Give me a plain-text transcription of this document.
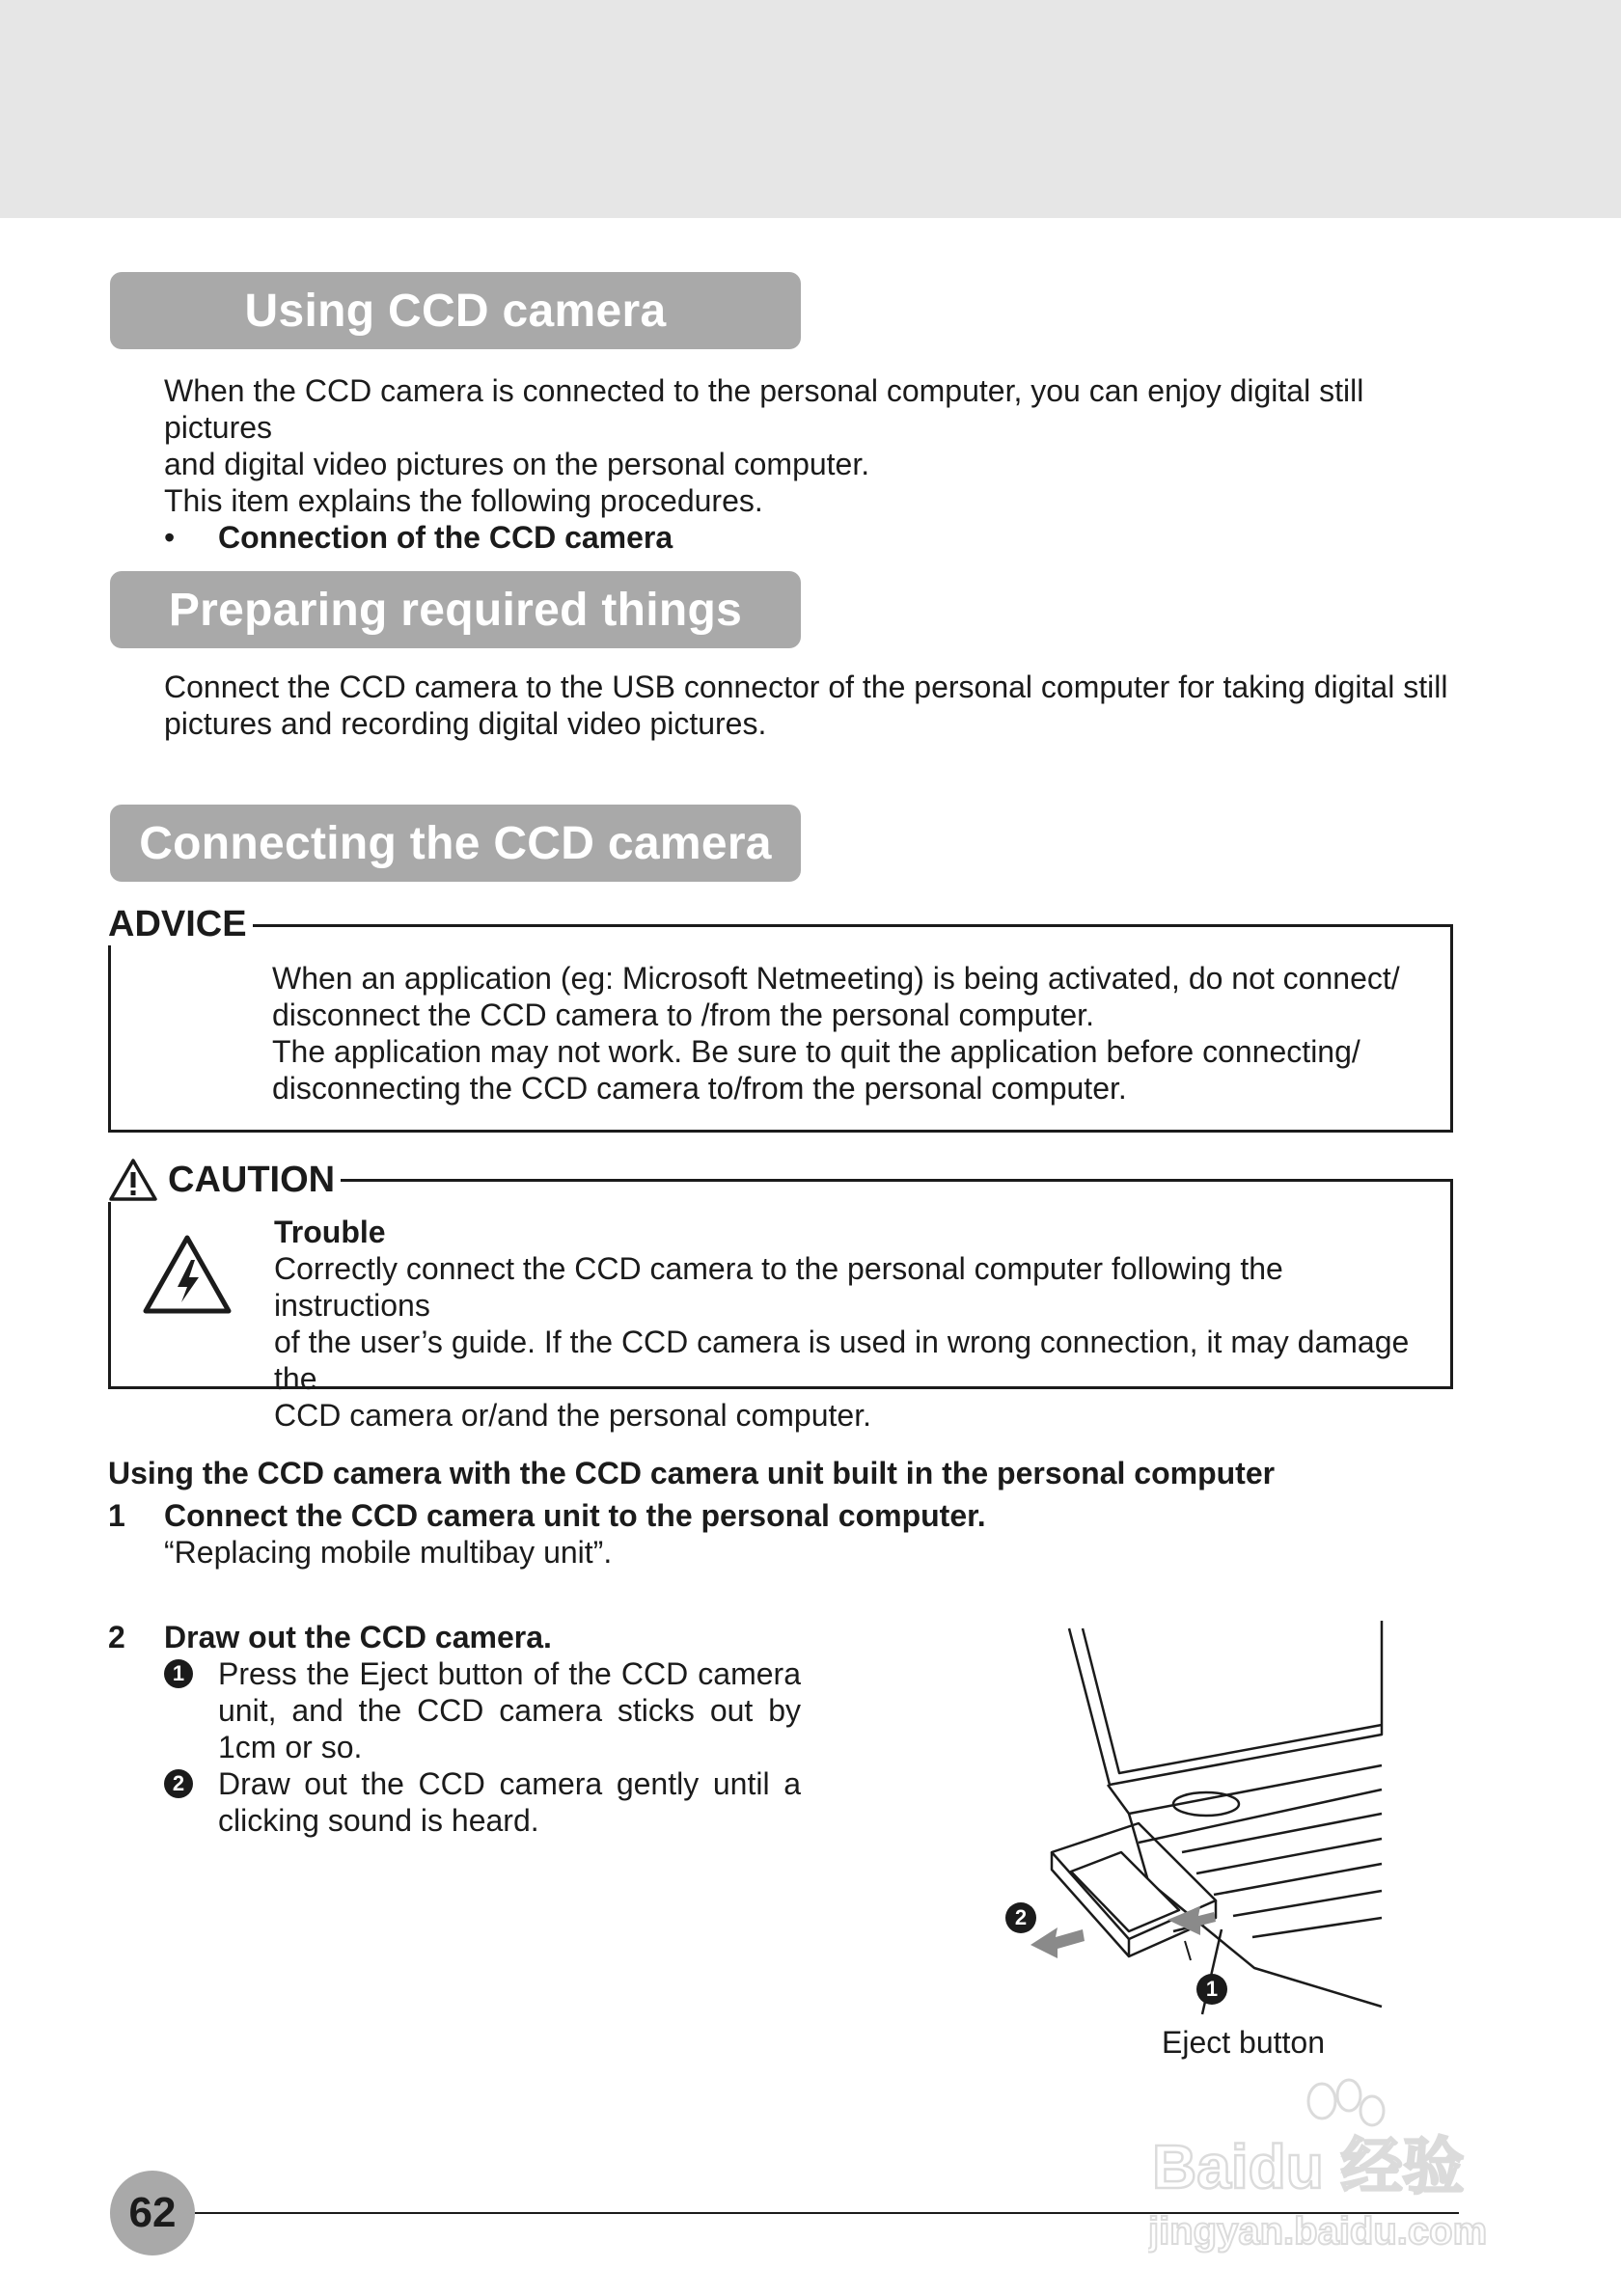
Using CCD camera

When the CCD camera is connected to the personal computer, you can enjoy digital still pictures

and digital video pictures on the personal computer.

This item explains the following procedures.

•	Connection of the CCD camera
Preparing required things

Connect the CCD camera to the USB connector of the personal computer for taking digital still

pictures and recording digital video pictures.

Connecting the CCD camera
ADVICE

When an application (eg: Microsoft Netmeeting) is being activated, do not connect/

disconnect the CCD camera to /from the personal computer.

The application may not work. Be sure to quit the application before connecting/

disconnecting the CCD camera to/from the personal computer.

CAUTION

Trouble

Correctly connect the CCD camera to the personal computer following the instructions

of the user’s guide. If the CCD camera is used in wrong connection, it may damage the

CCD camera or/and the personal computer.

Using the CCD camera with the CCD camera unit built in the personal computer
1 Connect the CCD camera unit to the personal computer.
“Replacing mobile multibay unit”.
2 Draw out the CCD camera.
1 Press the Eject button of the CCD camera unit, and the CCD camera sticks out by 1cm or so.
2 Draw out the CCD camera gently until a clicking sound is heard.
2
1
Eject button
62
Baidu 经验
jingyan.baidu.com
